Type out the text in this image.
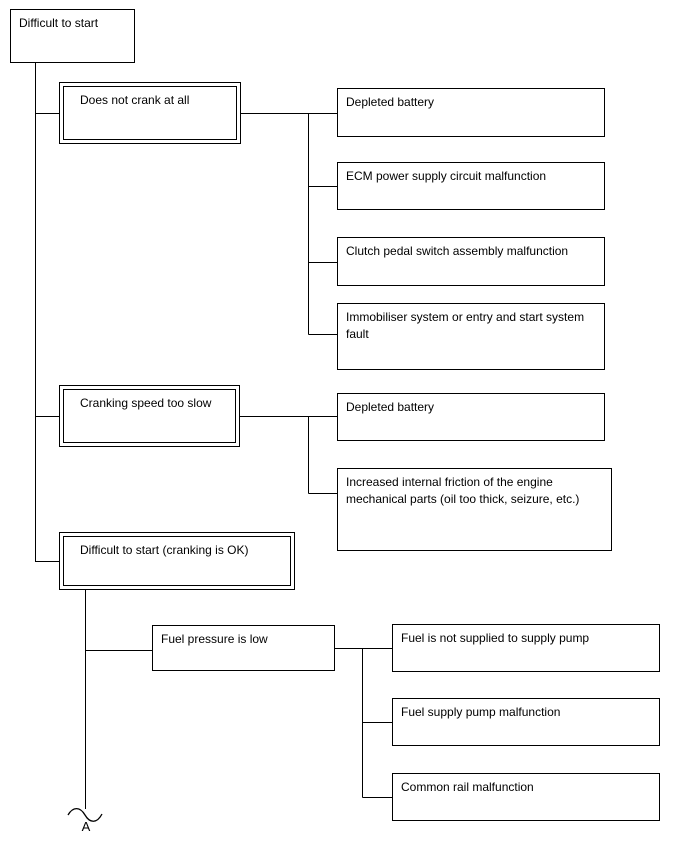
Difficult to start
Does not crank at all	Depleted battery
ECM power supply circuit malfunction
Clutch pedal switch assembly malfunction
Immobiliser system or entry and start system fault
Cranking speed too slow	Depleted battery
Increased internal friction of the engine mechanical parts (oil too thick, seizure, etc.)
Difficult to start (cranking is OK)
Fuel pressure is low	Fuel is not supplied to supply pump
Fuel supply pump malfunction
Common rail malfunction
A
